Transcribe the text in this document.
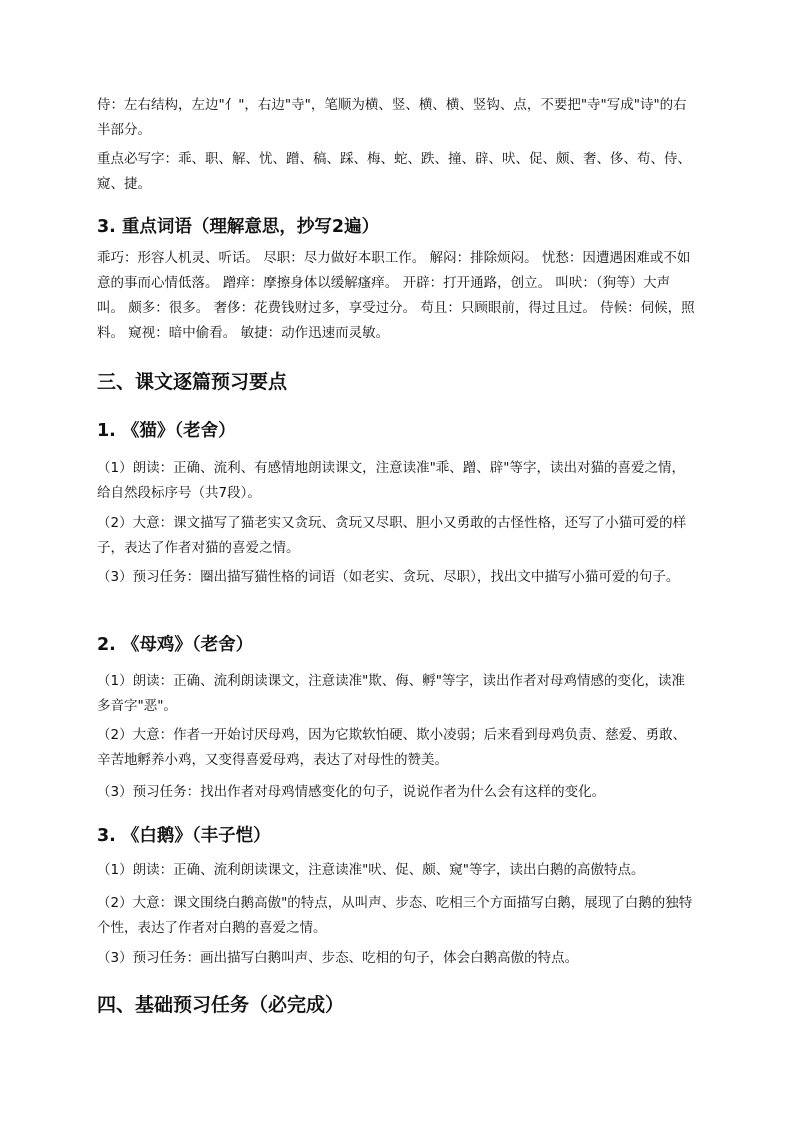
侍：左右结构，左边"亻"，右边"寺"，笔顺为横、竖、横、横、竖钩、点，不要把"寺"写成"诗"的右半部分。

重点必写字：乖、职、解、忧、蹭、稿、踩、梅、蛇、跌、撞、辟、吠、促、颇、奢、侈、苟、侍、窥、捷。

3. 重点词语（理解意思，抄写2遍）

乖巧：形容人机灵、听话。 尽职：尽力做好本职工作。 解闷：排除烦闷。 忧愁：因遭遇困难或不如意的事而心情低落。 蹭痒：摩擦身体以缓解瘙痒。 开辟：打开通路，创立。 叫吠：（狗等）大声叫。 颇多：很多。 奢侈：花费钱财过多，享受过分。 苟且：只顾眼前，得过且过。 侍候：伺候，照料。 窥视：暗中偷看。 敏捷：动作迅速而灵敏。

三、课文逐篇预习要点
1. 《猫》（老舍）

（1）朗读：正确、流利、有感情地朗读课文，注意读准"乖、蹭、辟"等字，读出对猫的喜爱之情，给自然段标序号（共7段）。

（2）大意：课文描写了猫老实又贪玩、贪玩又尽职、胆小又勇敢的古怪性格，还写了小猫可爱的样子，表达了作者对猫的喜爱之情。

（3）预习任务：圈出描写猫性格的词语（如老实、贪玩、尽职），找出文中描写小猫可爱的句子。

2. 《母鸡》（老舍）

（1）朗读：正确、流利朗读课文，注意读准"欺、侮、孵"等字，读出作者对母鸡情感的变化，读准多音字"恶"。

（2）大意：作者一开始讨厌母鸡，因为它欺软怕硬、欺小凌弱；后来看到母鸡负责、慈爱、勇敢、辛苦地孵养小鸡，又变得喜爱母鸡，表达了对母性的赞美。

（3）预习任务：找出作者对母鸡情感变化的句子，说说作者为什么会有这样的变化。

3. 《白鹅》（丰子恺）

（1）朗读：正确、流利朗读课文，注意读准"吠、促、颇、窥"等字，读出白鹅的高傲特点。

（2）大意：课文围绕白鹅高傲"的特点，从叫声、步态、吃相三个方面描写白鹅，展现了白鹅的独特个性，表达了作者对白鹅的喜爱之情。

（3）预习任务：画出描写白鹅叫声、步态、吃相的句子，体会白鹅高傲的特点。

四、基础预习任务（必完成）
